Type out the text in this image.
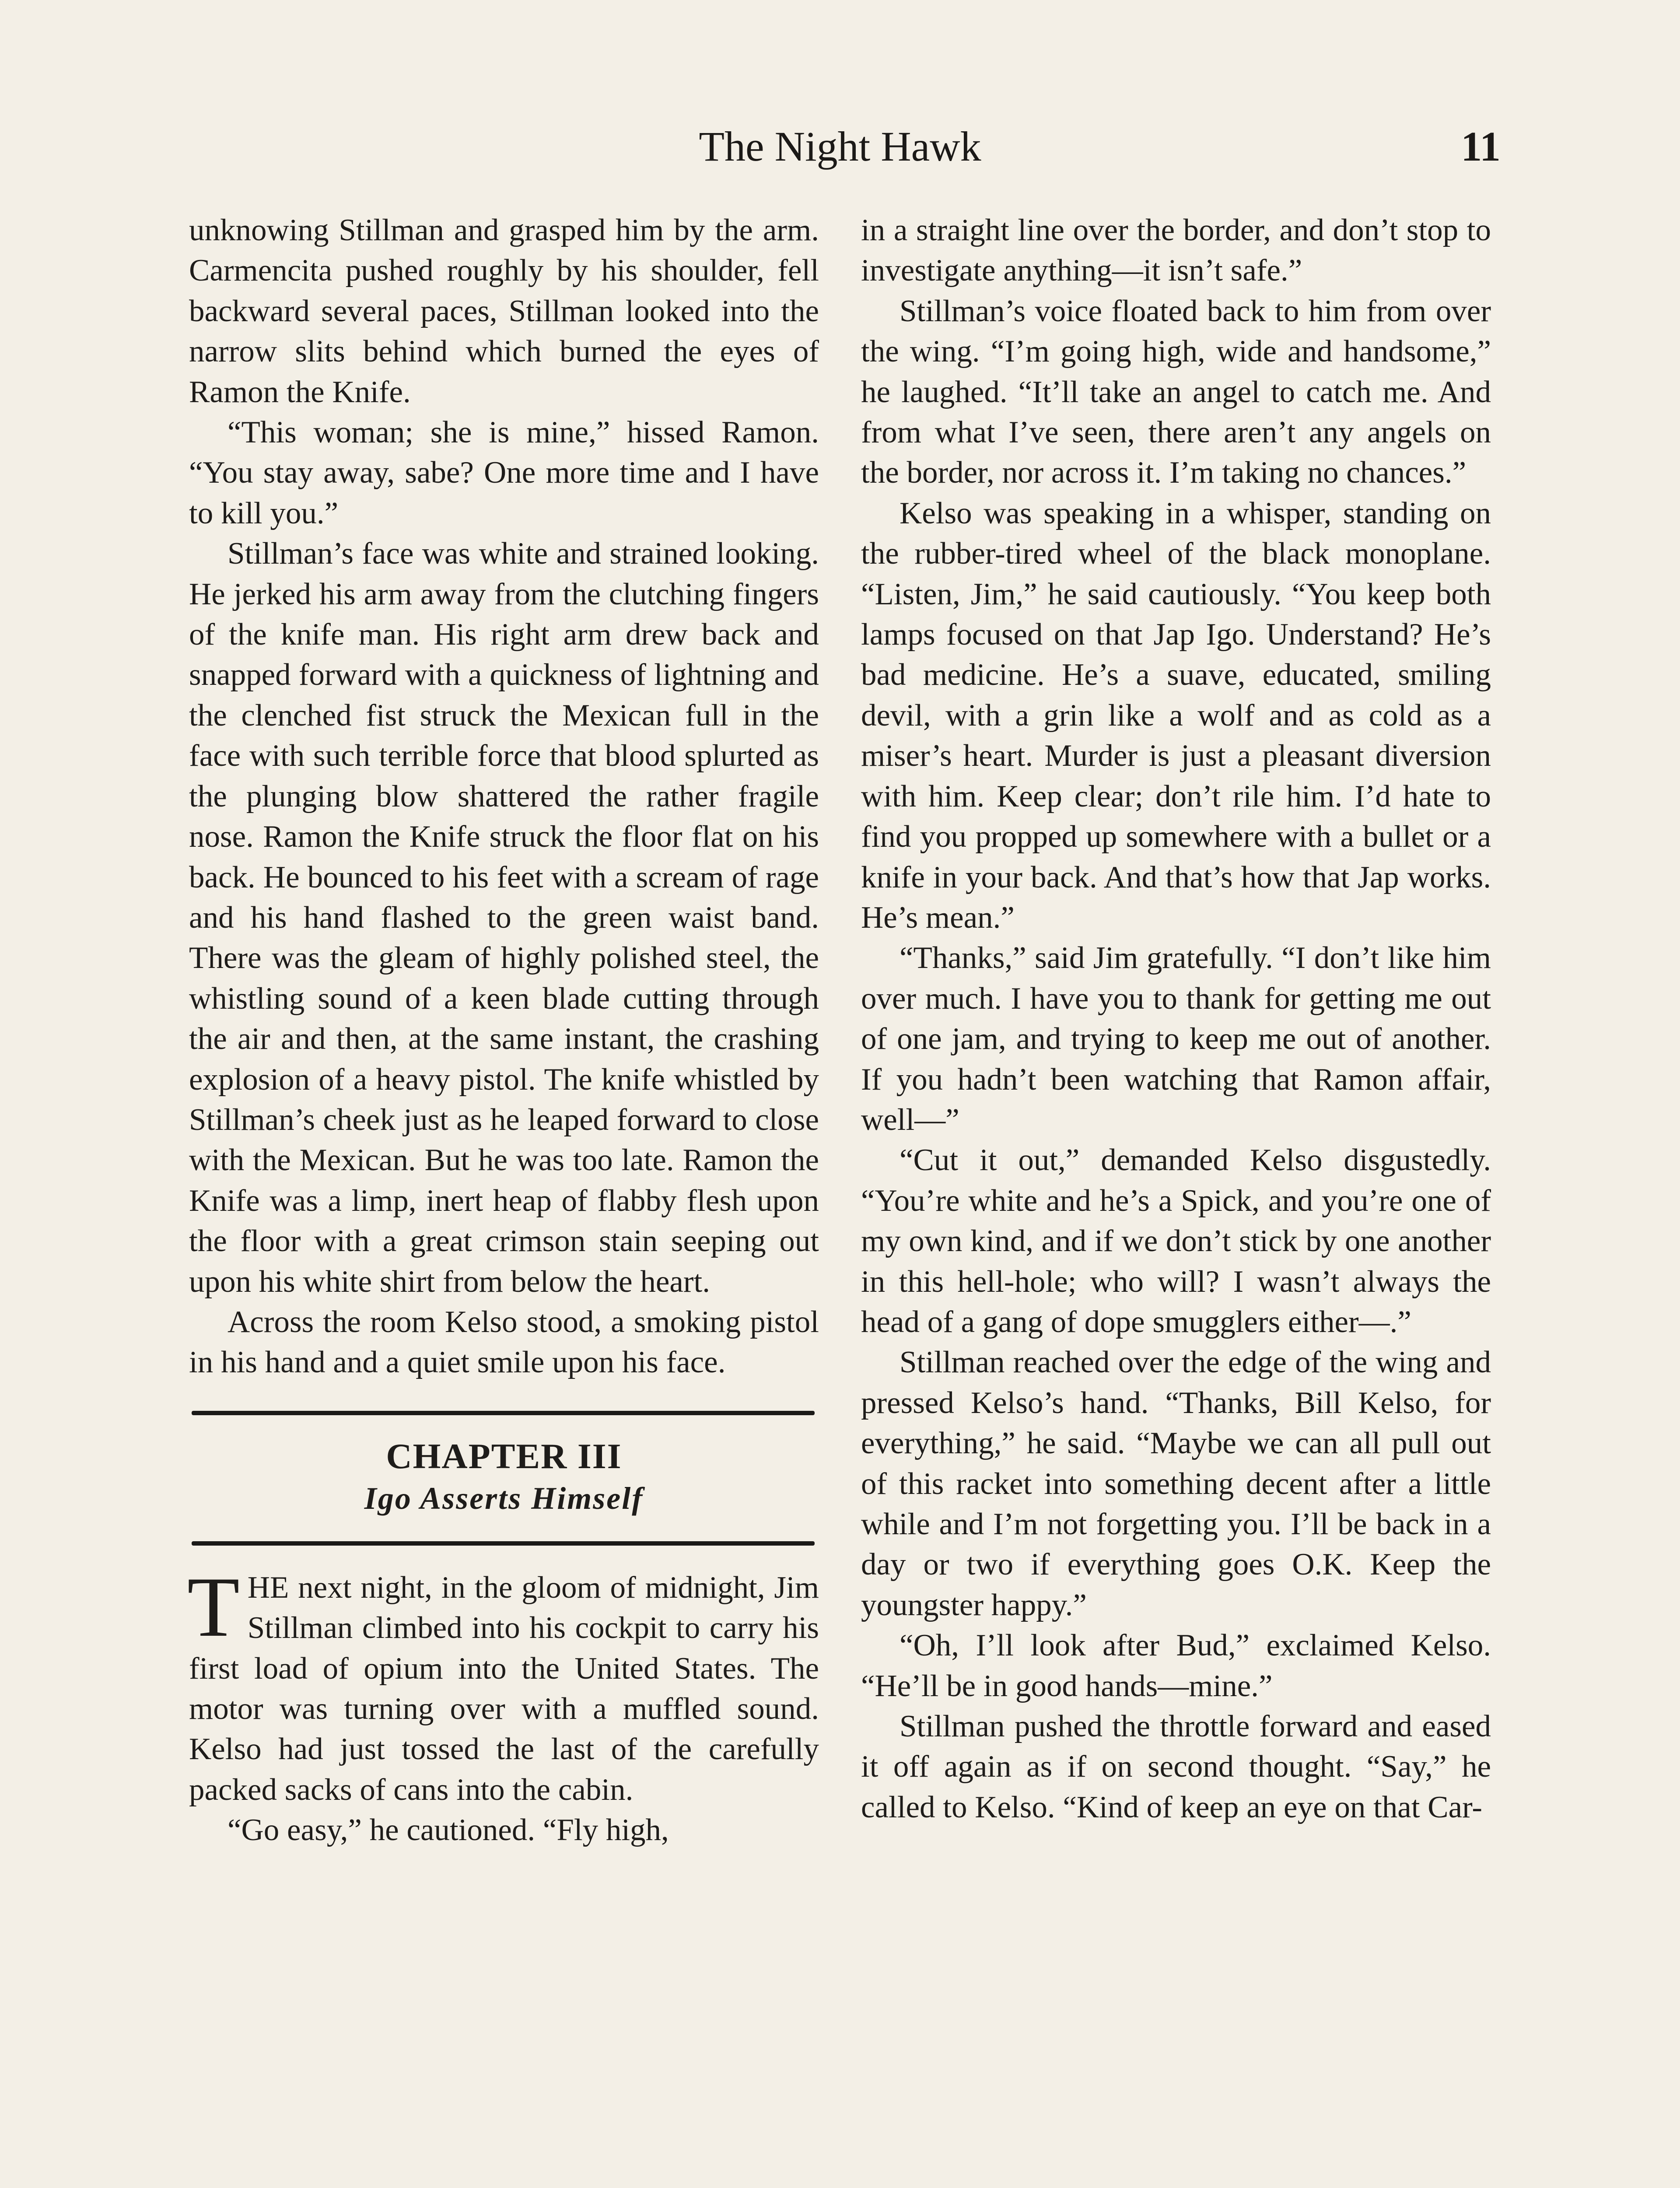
The Night Hawk	11

unknowing Stillman and grasped him by the arm. Carmencita pushed roughly by his shoulder, fell backward several paces, Stillman looked into the narrow slits behind which burned the eyes of Ramon the Knife.

“This woman; she is mine,” hissed Ramon. “You stay away, sabe? One more time and I have to kill you.”

Stillman’s face was white and strained looking. He jerked his arm away from the clutching fingers of the knife man. His right arm drew back and snapped forward with a quickness of lightning and the clenched fist struck the Mexican full in the face with such terrible force that blood splurted as the plunging blow shattered the rather fragile nose. Ramon the Knife struck the floor flat on his back. He bounced to his feet with a scream of rage and his hand flashed to the green waist band. There was the gleam of highly polished steel, the whistling sound of a keen blade cutting through the air and then, at the same instant, the crashing explosion of a heavy pistol. The knife whistled by Stillman’s cheek just as he leaped forward to close with the Mexican. But he was too late. Ramon the Knife was a limp, inert heap of flabby flesh upon the floor with a great crimson stain seeping out upon his white shirt from below the heart.

Across the room Kelso stood, a smoking pistol in his hand and a quiet smile upon his face.

CHAPTER III
Igo Asserts Himself

THE next night, in the gloom of midnight, Jim Stillman climbed into his cockpit to carry his first load of opium into the United States. The motor was turning over with a muffled sound. Kelso had just tossed the last of the carefully packed sacks of cans into the cabin.

“Go easy,” he cautioned. “Fly high,

in a straight line over the border, and don’t stop to investigate anything—it isn’t safe.”

Stillman’s voice floated back to him from over the wing. “I’m going high, wide and handsome,” he laughed. “It’ll take an angel to catch me. And from what I’ve seen, there aren’t any angels on the border, nor across it. I’m taking no chances.”

Kelso was speaking in a whisper, standing on the rubber-tired wheel of the black monoplane. “Listen, Jim,” he said cautiously. “You keep both lamps focused on that Jap Igo. Understand? He’s bad medicine. He’s a suave, educated, smiling devil, with a grin like a wolf and as cold as a miser’s heart. Murder is just a pleasant diversion with him. Keep clear; don’t rile him. I’d hate to find you propped up somewhere with a bullet or a knife in your back. And that’s how that Jap works. He’s mean.”

“Thanks,” said Jim gratefully. “I don’t like him over much. I have you to thank for getting me out of one jam, and trying to keep me out of another. If you hadn’t been watching that Ramon affair, well—”

“Cut it out,” demanded Kelso disgustedly. “You’re white and he’s a Spick, and you’re one of my own kind, and if we don’t stick by one another in this hell-hole; who will? I wasn’t always the head of a gang of dope smugglers either—.”

Stillman reached over the edge of the wing and pressed Kelso’s hand. “Thanks, Bill Kelso, for everything,” he said. “Maybe we can all pull out of this racket into something decent after a little while and I’m not forgetting you. I’ll be back in a day or two if everything goes O.K. Keep the youngster happy.”

“Oh, I’ll look after Bud,” exclaimed Kelso. “He’ll be in good hands—mine.”

Stillman pushed the throttle forward and eased it off again as if on second thought. “Say,” he called to Kelso. “Kind of keep an eye on that Car-
